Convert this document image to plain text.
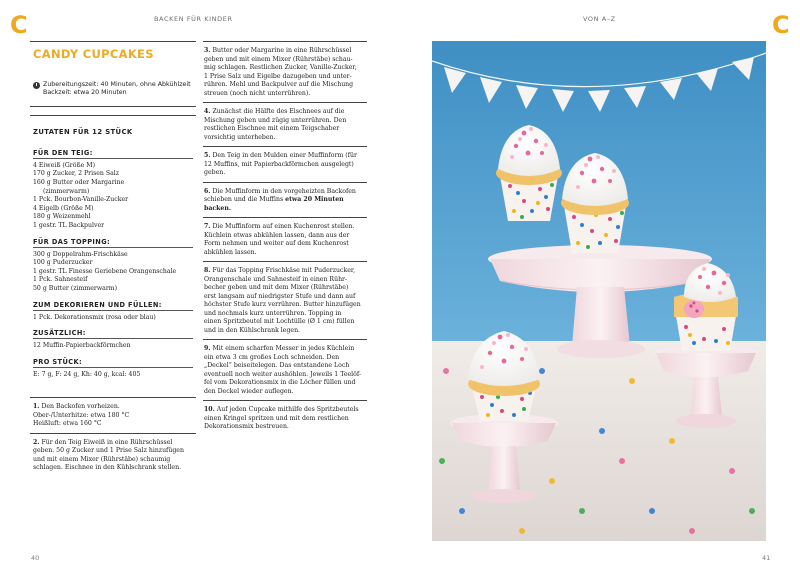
C	BACKEN FÜR KINDER	VON A–Z	C
CANDY CUPCAKES
Zubereitungszeit: 40 Minuten, ohne Abkühlzeit
Backzeit: etwa 20 Minuten
ZUTATEN FÜR 12 STÜCK
FÜR DEN TEIG:
4 Eiweiß (Größe M)
170 g Zucker, 2 Prisen Salz
160 g Butter oder Margarine
(zimmerwarm)
1 Pck. Bourbon-Vanille-Zucker
4 Eigelb (Größe M)
180 g Weizenmehl
1 gestr. TL Backpulver
FÜR DAS TOPPING:
300 g Doppelrahm-Frischkäse
100 g Puderzucker
1 gestr. TL Finesse Geriebene Orangenschale
1 Pck. Sahnesteif
50 g Butter (zimmerwarm)
ZUM DEKORIEREN UND FÜLLEN:
1 Pck. Dekorationsmix (rosa oder blau)
ZUSÄTZLICH:
12 Muffin-Papierbackförmchen
PRO STÜCK:
E: 7 g, F: 24 g, Kh: 40 g, kcal: 405
1. Den Backofen vorheizen.
Ober-/Unterhitze: etwa 180 °C
Heißluft: etwa 160 °C
2. Für den Teig Eiweiß in eine Rührschüssel
geben. 50 g Zucker und 1 Prise Salz hinzufügen
und mit einem Mixer (Rührstäbe) schaumig
schlagen. Eischnee in den Kühlschrank stellen.
3. Butter oder Margarine in eine Rührschüssel
geben und mit einem Mixer (Rührstäbe) schau-
mig schlagen. Restlichen Zucker, Vanille-Zucker,
1 Prise Salz und Eigelbe dazugeben und unter-
rühren. Mehl und Backpulver auf die Mischung
streuen (noch nicht unterrühren).
4. Zunächst die Hälfte des Eischnees auf die
Mischung geben und zügig unterrühren. Den
restlichen Eischnee mit einem Teigschaber
vorsichtig unterheben.
5. Den Teig in den Mulden einer Muffinform (für
12 Muffins, mit Papierbackförmchen ausgelegt)
geben.
6. Die Muffinform in den vorgeheizten Backofen
schieben und die Muffins etwa 20 Minuten backen.
7. Die Muffinform auf einen Kuchenrost stellen.
Küchlein etwas abkühlen lassen, dann aus der
Form nehmen und weiter auf dem Kuchenrost
abkühlen lassen.
8. Für das Topping Frischkäse mit Puderzucker,
Orangenschale und Sahnesteif in einen Rühr-
becher geben und mit dem Mixer (Rührstäbe)
erst langsam auf niedrigster Stufe und dann auf
höchster Stufe kurz verrühren. Butter hinzufügen
und nochmals kurz unterrühren. Topping in
einen Spritzbeutel mit Lochtülle (Ø 1 cm) füllen
und in den Kühlschrank legen.
9. Mit einem scharfen Messer in jedes Küchlein
ein etwa 3 cm großes Loch schneiden. Den
„Deckel“ beiseitelegen. Das entstandene Loch
eventuell noch weiter aushöhlen. Jeweils 1 Teelöf-
fel vom Dekorationsmix in die Löcher füllen und
den Deckel wieder auflegen.
10. Auf jeden Cupcake mithilfe des Spritzbeutels
einen Kringel spritzen und mit dem restlichen
Dekorationsmix bestreuen.
40	41
